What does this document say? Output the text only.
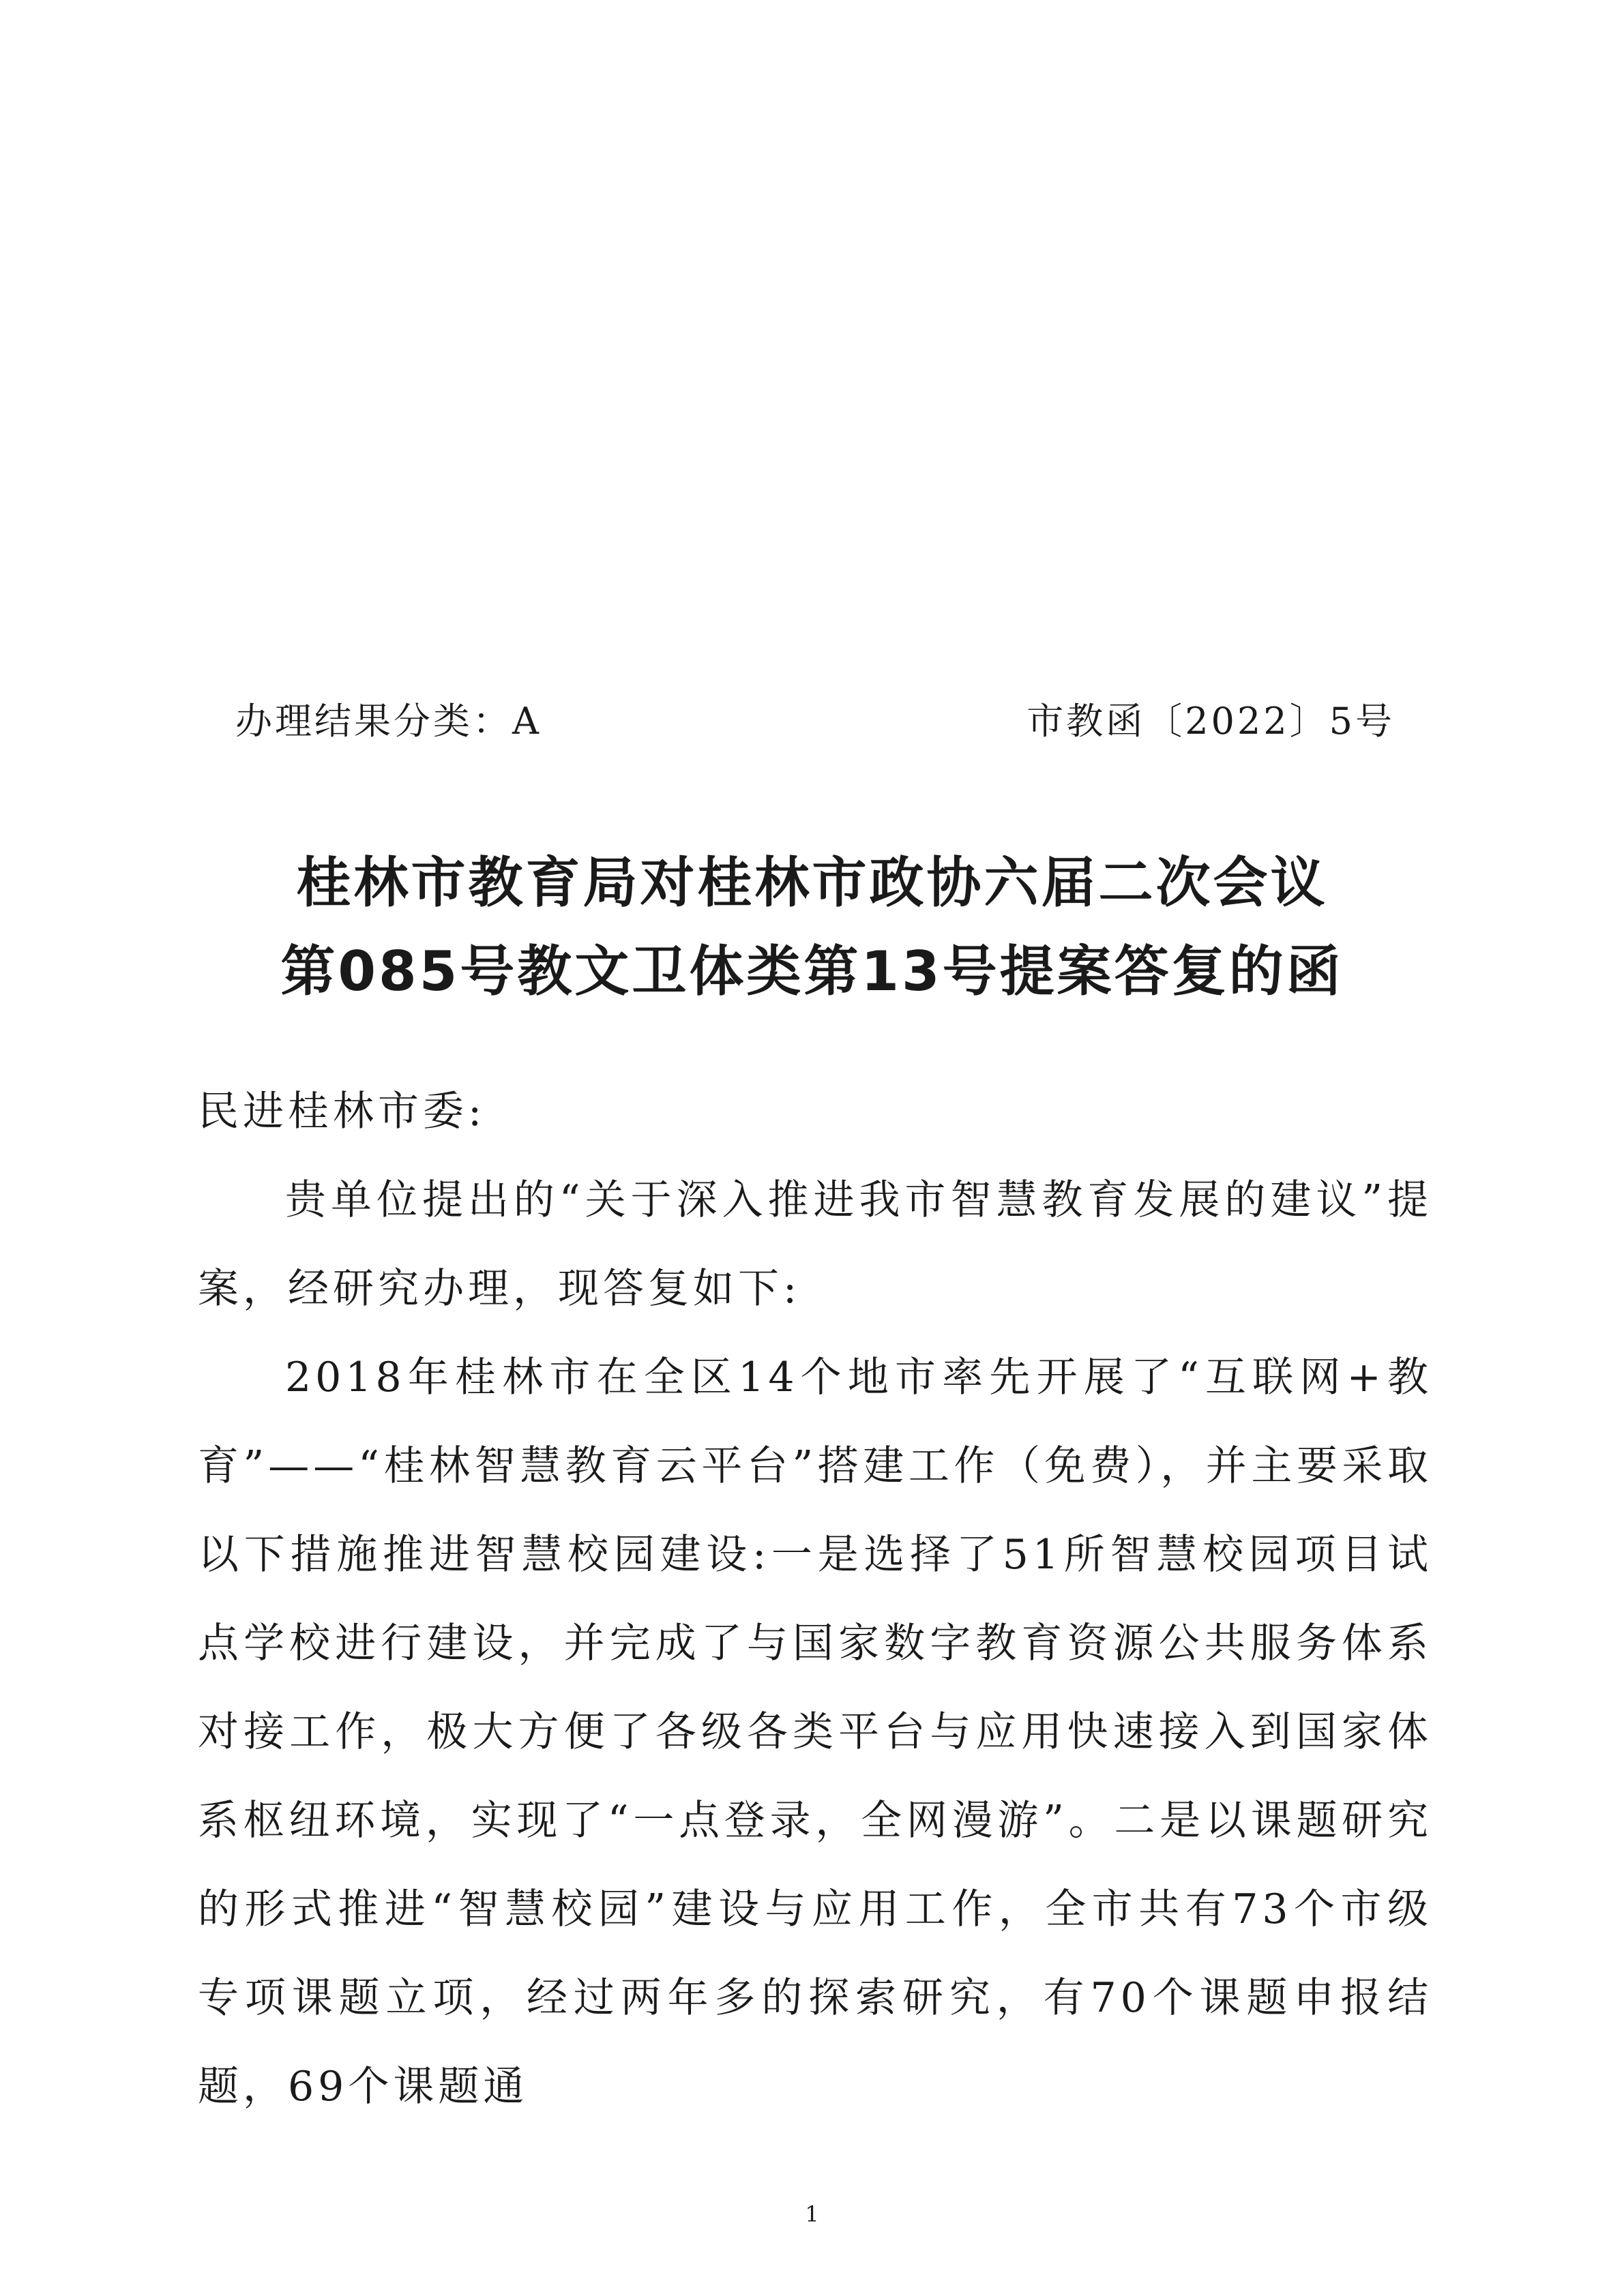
办理结果分类：A	市教函〔2022〕5号
桂林市教育局对桂林市政协六届二次会议
第085号教文卫体类第13号提案答复的函

民进桂林市委:

贵单位提出的“关于深入推进我市智慧教育发展的建议”提案，经研究办理，现答复如下:

2018年桂林市在全区14个地市率先开展了“互联网+教育”——“桂林智慧教育云平台”搭建工作（免费），并主要采取以下措施推进智慧校园建设:一是选择了51所智慧校园项目试点学校进行建设，并完成了与国家数字教育资源公共服务体系对接工作，极大方便了各级各类平台与应用快速接入到国家体系枢纽环境，实现了“一点登录，全网漫游”。二是以课题研究的形式推进“智慧校园”建设与应用工作，全市共有73个市级专项课题立项，经过两年多的探索研究，有70个课题申报结题，69个课题通

1
